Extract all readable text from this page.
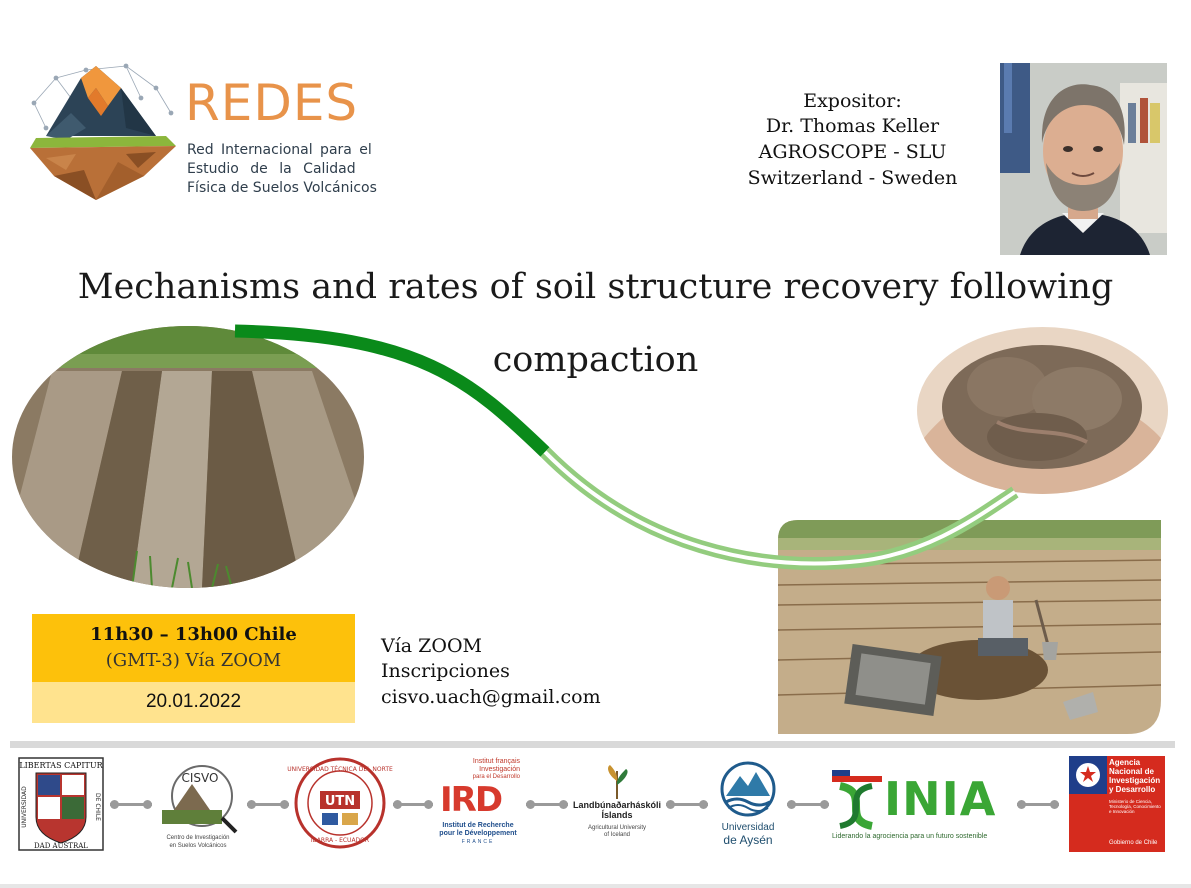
REDES
Red Internacional para el
Estudio de la Calidad
Física de Suelos Volcánicos
Expositor:
Dr. Thomas Keller
AGROSCOPE - SLU
Switzerland - Sweden
Mechanisms and rates of soil structure recovery following
compaction
11h30 – 13h00 Chile
(GMT-3) Vía ZOOM
20.01.2022
Vía ZOOM
Inscripciones
cisvo.uach@gmail.com
LIBERTAS CAPITUR
UNIVERSIDAD	DE CHILE
DAD AUSTRAL
CISVO
Centro de Investigación
en Suelos Volcánicos
UTN
UNIVERSIDAD TÉCNICA DEL NORTE
IBARRA - ECUADOR
Institut français
Investigación
para el Desarrollo
IRD
Institut de Recherche
pour le Développement
FRANCE
Landbúnaðarháskóli
Íslands
Agricultural University
of Iceland
Universidad
de Aysén
INIA
Liderando la agrociencia para un futuro sostenible
Agencia
Nacional de
Investigación
y Desarrollo
Ministerio de Ciencia, Tecnología, Conocimiento e Innovación
Gobierno de Chile
